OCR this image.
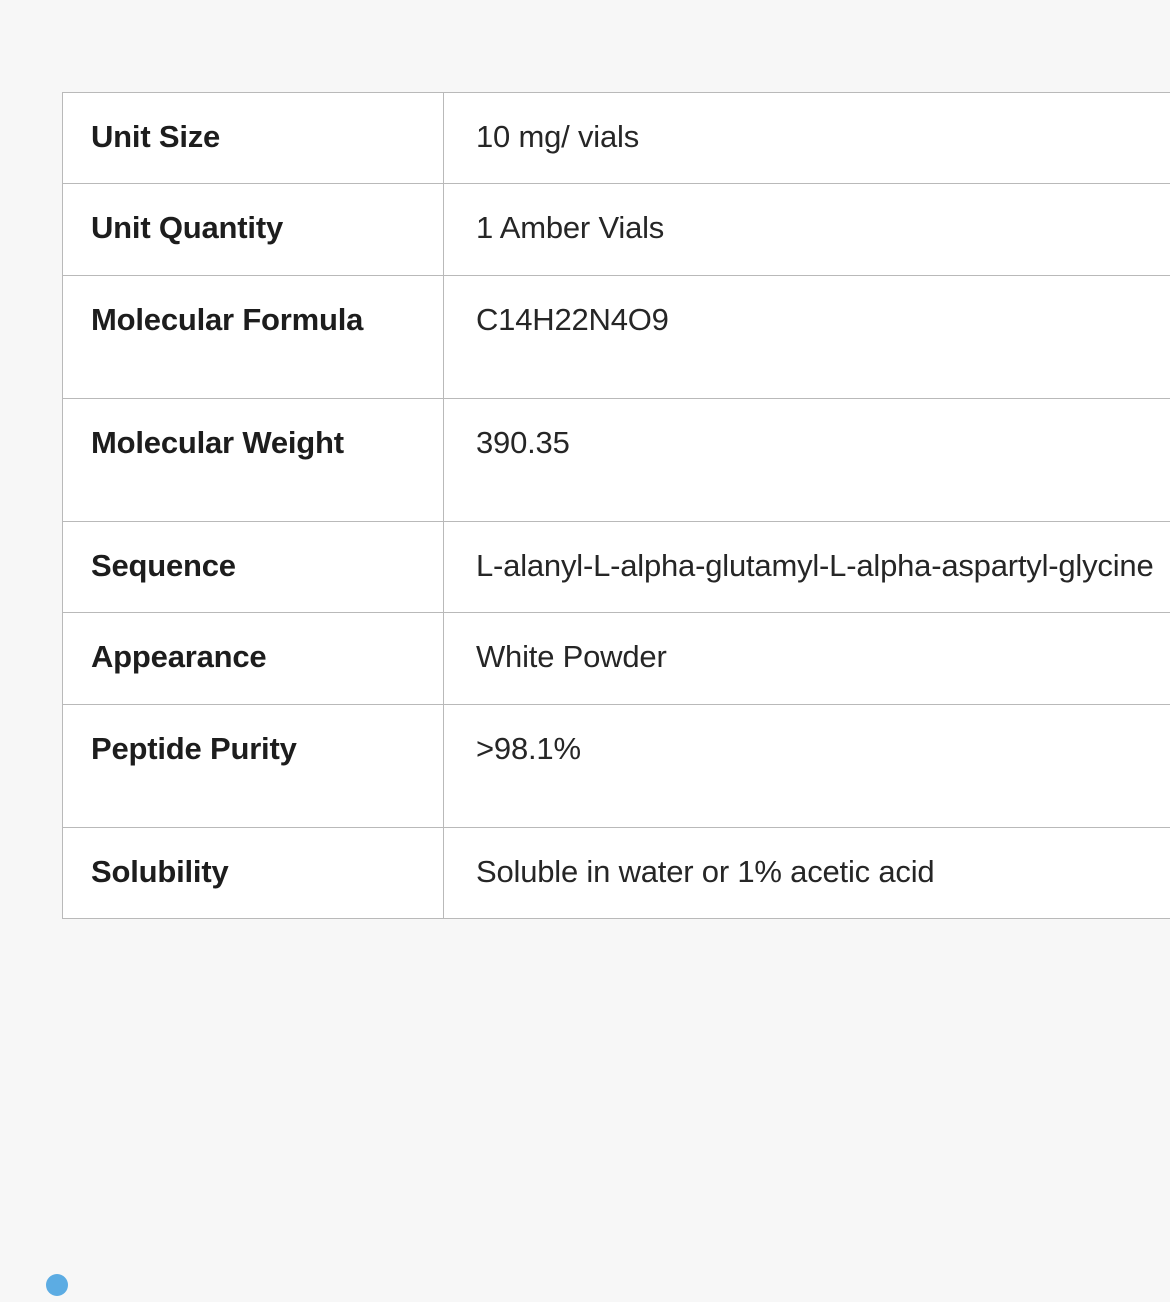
Unit Size	10 mg/ vials
Unit Quantity	1 Amber Vials
Molecular Formula	C14H22N4O9
Molecular Weight	390.35
Sequence	L-alanyl-L-alpha-glutamyl-L-alpha-aspartyl-glycine
Appearance	White Powder
Peptide Purity	>98.1%
Solubility	Soluble in water or 1% acetic acid
